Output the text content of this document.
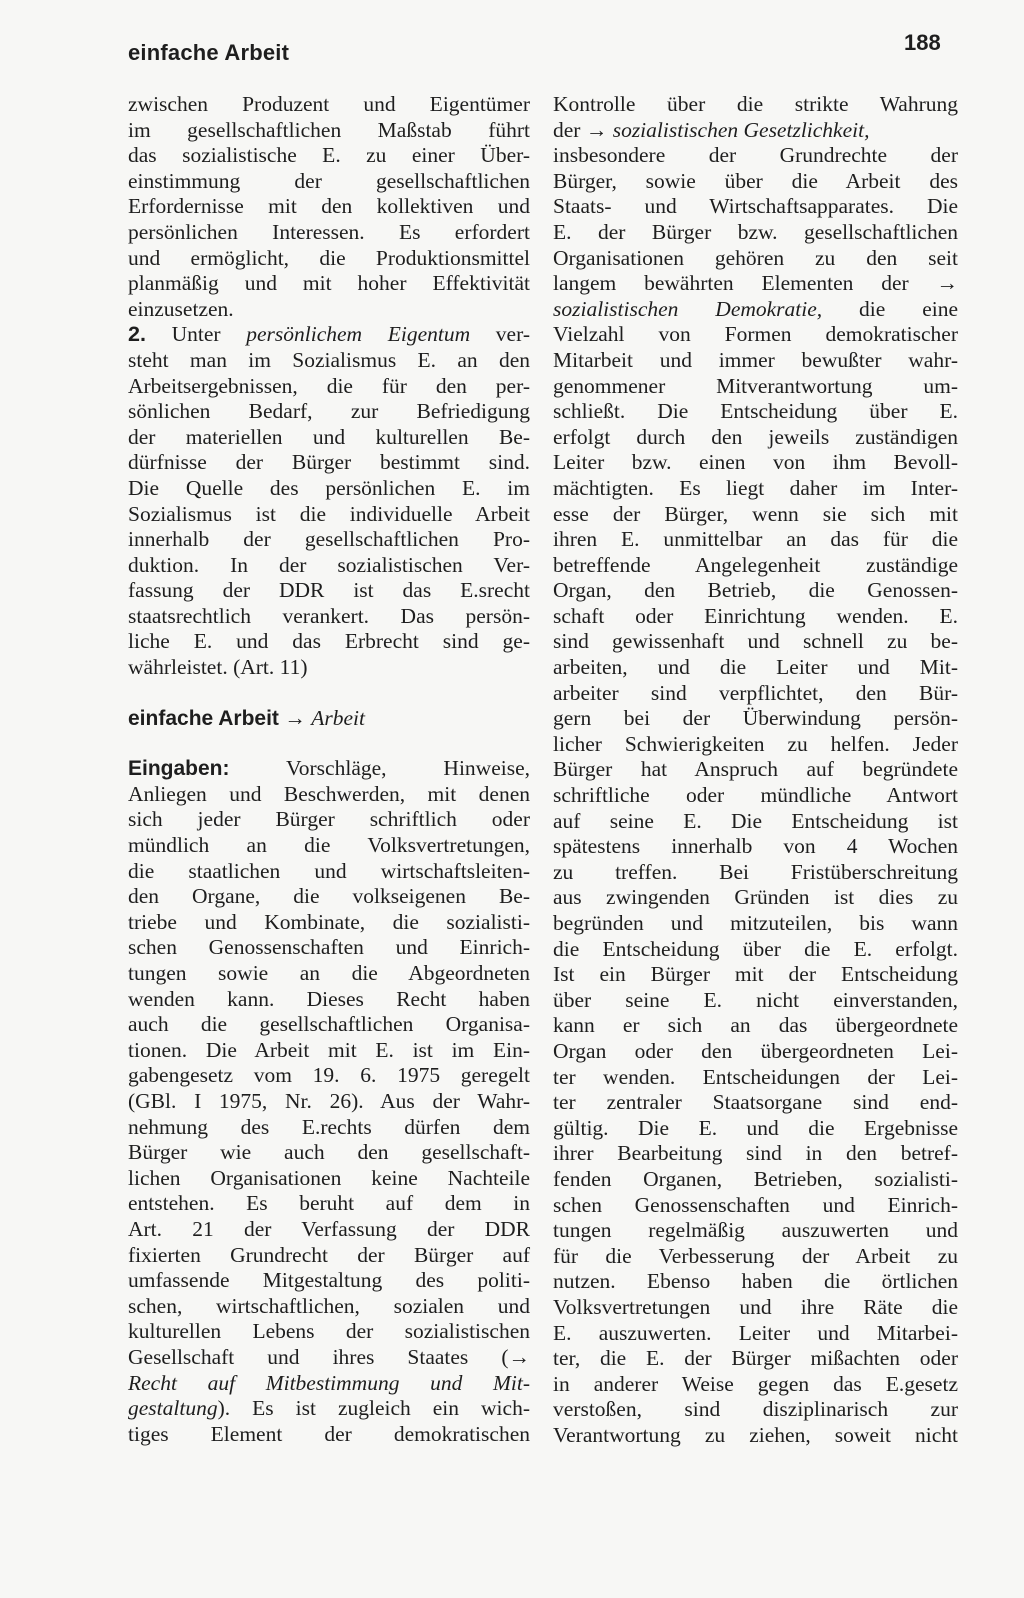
einfache Arbeit	188
zwischen Produzent und Eigentümer
im gesellschaftlichen Maßstab führt
das sozialistische E. zu einer Über-
einstimmung der gesellschaftlichen
Erfordernisse mit den kollektiven und
persönlichen Interessen. Es erfordert
und ermöglicht, die Produktionsmittel
planmäßig und mit hoher Effektivität
einzusetzen.
2. Unter persönlichem Eigentum ver-
steht man im Sozialismus E. an den
Arbeitsergebnissen, die für den per-
sönlichen Bedarf, zur Befriedigung
der materiellen und kulturellen Be-
dürfnisse der Bürger bestimmt sind.
Die Quelle des persönlichen E. im
Sozialismus ist die individuelle Arbeit
innerhalb der gesellschaftlichen Pro-
duktion. In der sozialistischen Ver-
fassung der DDR ist das E.srecht
staatsrechtlich verankert. Das persön-
liche E. und das Erbrecht sind ge-
währleistet. (Art. 11)
einfache Arbeit → Arbeit
Eingaben: Vorschläge, Hinweise,
Anliegen und Beschwerden, mit denen
sich jeder Bürger schriftlich oder
mündlich an die Volksvertretungen,
die staatlichen und wirtschaftsleiten-
den Organe, die volkseigenen Be-
triebe und Kombinate, die sozialisti-
schen Genossenschaften und Einrich-
tungen sowie an die Abgeordneten
wenden kann. Dieses Recht haben
auch die gesellschaftlichen Organisa-
tionen. Die Arbeit mit E. ist im Ein-
gabengesetz vom 19. 6. 1975 geregelt
(GBl. I 1975, Nr. 26). Aus der Wahr-
nehmung des E.rechts dürfen dem
Bürger wie auch den gesellschaft-
lichen Organisationen keine Nachteile
entstehen. Es beruht auf dem in
Art. 21 der Verfassung der DDR
fixierten Grundrecht der Bürger auf
umfassende Mitgestaltung des politi-
schen, wirtschaftlichen, sozialen und
kulturellen Lebens der sozialistischen
Gesellschaft und ihres Staates (→
Recht auf Mitbestimmung und Mit-
gestaltung). Es ist zugleich ein wich-
tiges Element der demokratischen
Kontrolle über die strikte Wahrung
der → sozialistischen Gesetzlichkeit,
insbesondere der Grundrechte der
Bürger, sowie über die Arbeit des
Staats- und Wirtschaftsapparates. Die
E. der Bürger bzw. gesellschaftlichen
Organisationen gehören zu den seit
langem bewährten Elementen der →
sozialistischen Demokratie, die eine
Vielzahl von Formen demokratischer
Mitarbeit und immer bewußter wahr-
genommener Mitverantwortung um-
schließt. Die Entscheidung über E.
erfolgt durch den jeweils zuständigen
Leiter bzw. einen von ihm Bevoll-
mächtigten. Es liegt daher im Inter-
esse der Bürger, wenn sie sich mit
ihren E. unmittelbar an das für die
betreffende Angelegenheit zuständige
Organ, den Betrieb, die Genossen-
schaft oder Einrichtung wenden. E.
sind gewissenhaft und schnell zu be-
arbeiten, und die Leiter und Mit-
arbeiter sind verpflichtet, den Bür-
gern bei der Überwindung persön-
licher Schwierigkeiten zu helfen. Jeder
Bürger hat Anspruch auf begründete
schriftliche oder mündliche Antwort
auf seine E. Die Entscheidung ist
spätestens innerhalb von 4 Wochen
zu treffen. Bei Fristüberschreitung
aus zwingenden Gründen ist dies zu
begründen und mitzuteilen, bis wann
die Entscheidung über die E. erfolgt.
Ist ein Bürger mit der Entscheidung
über seine E. nicht einverstanden,
kann er sich an das übergeordnete
Organ oder den übergeordneten Lei-
ter wenden. Entscheidungen der Lei-
ter zentraler Staatsorgane sind end-
gültig. Die E. und die Ergebnisse
ihrer Bearbeitung sind in den betref-
fenden Organen, Betrieben, sozialisti-
schen Genossenschaften und Einrich-
tungen regelmäßig auszuwerten und
für die Verbesserung der Arbeit zu
nutzen. Ebenso haben die örtlichen
Volksvertretungen und ihre Räte die
E. auszuwerten. Leiter und Mitarbei-
ter, die E. der Bürger mißachten oder
in anderer Weise gegen das E.gesetz
verstoßen, sind disziplinarisch zur
Verantwortung zu ziehen, soweit nicht
